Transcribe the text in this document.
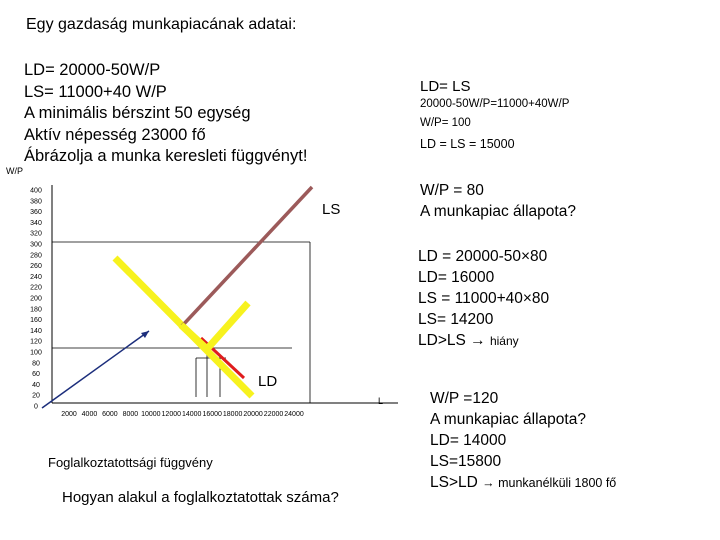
Egy gazdaság munkapiacának adatai:
LD= 20000-50W/P
LS= 11000+40 W/P
A minimális bérszint 50 egység
Aktív népesség 23000 fő
Ábrázolja a munka keresleti függvényt!
LD= LS
20000-50W/P=11000+40W/P
W/P= 100
LD = LS = 15000
W/P = 80
A munkapiac állapota?
LD = 20000-50×80
LD= 16000
LS = 11000+40×80
LS= 14200
LD>LS → hiány
W/P =120
A munkapiac állapota?
LD= 14000
LS=15800
LS>LD → munkanélküli 1800 fő
W/P
L
Foglalkoztatottsági függvény
Hogyan alakul a foglalkoztatottak száma?
400
380
360
340
320
300
280
260
240
220
200
180
160
140
120
100
80
60
40
20
0
2000 4000 6000 8000 10000 12000 14000 16000 18000 20000 22000 24000
LS
LD
